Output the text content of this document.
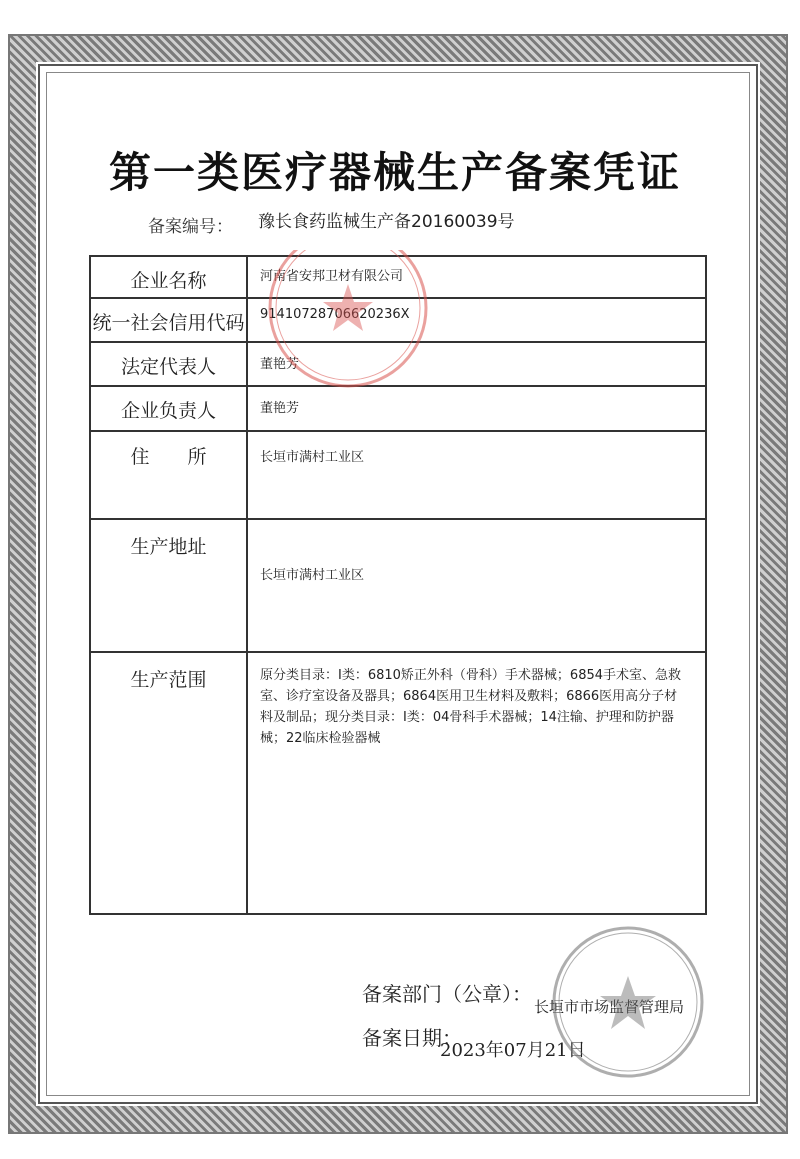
第一类医疗器械生产备案凭证
备案编号： 豫长食药监械生产备20160039号
企业名称	河南省安邦卫材有限公司

统一社会信用代码	91410728706620236X

法定代表人	董艳芳

企业负责人	董艳芳

住所	长垣市满村工业区

生产地址	长垣市满村工业区

生产范围	原分类目录：Ⅰ类：6810矫正外科（骨科）手术器械；6854手术室、急救室、诊疗室设备及器具；6864医用卫生材料及敷料；6866医用高分子材料及制品；现分类目录：Ⅰ类：04骨科手术器械；14注输、护理和防护器械；22临床检验器械
备案部门（公章）：
长垣市市场监督管理局
备案日期：
2023年07月21日
